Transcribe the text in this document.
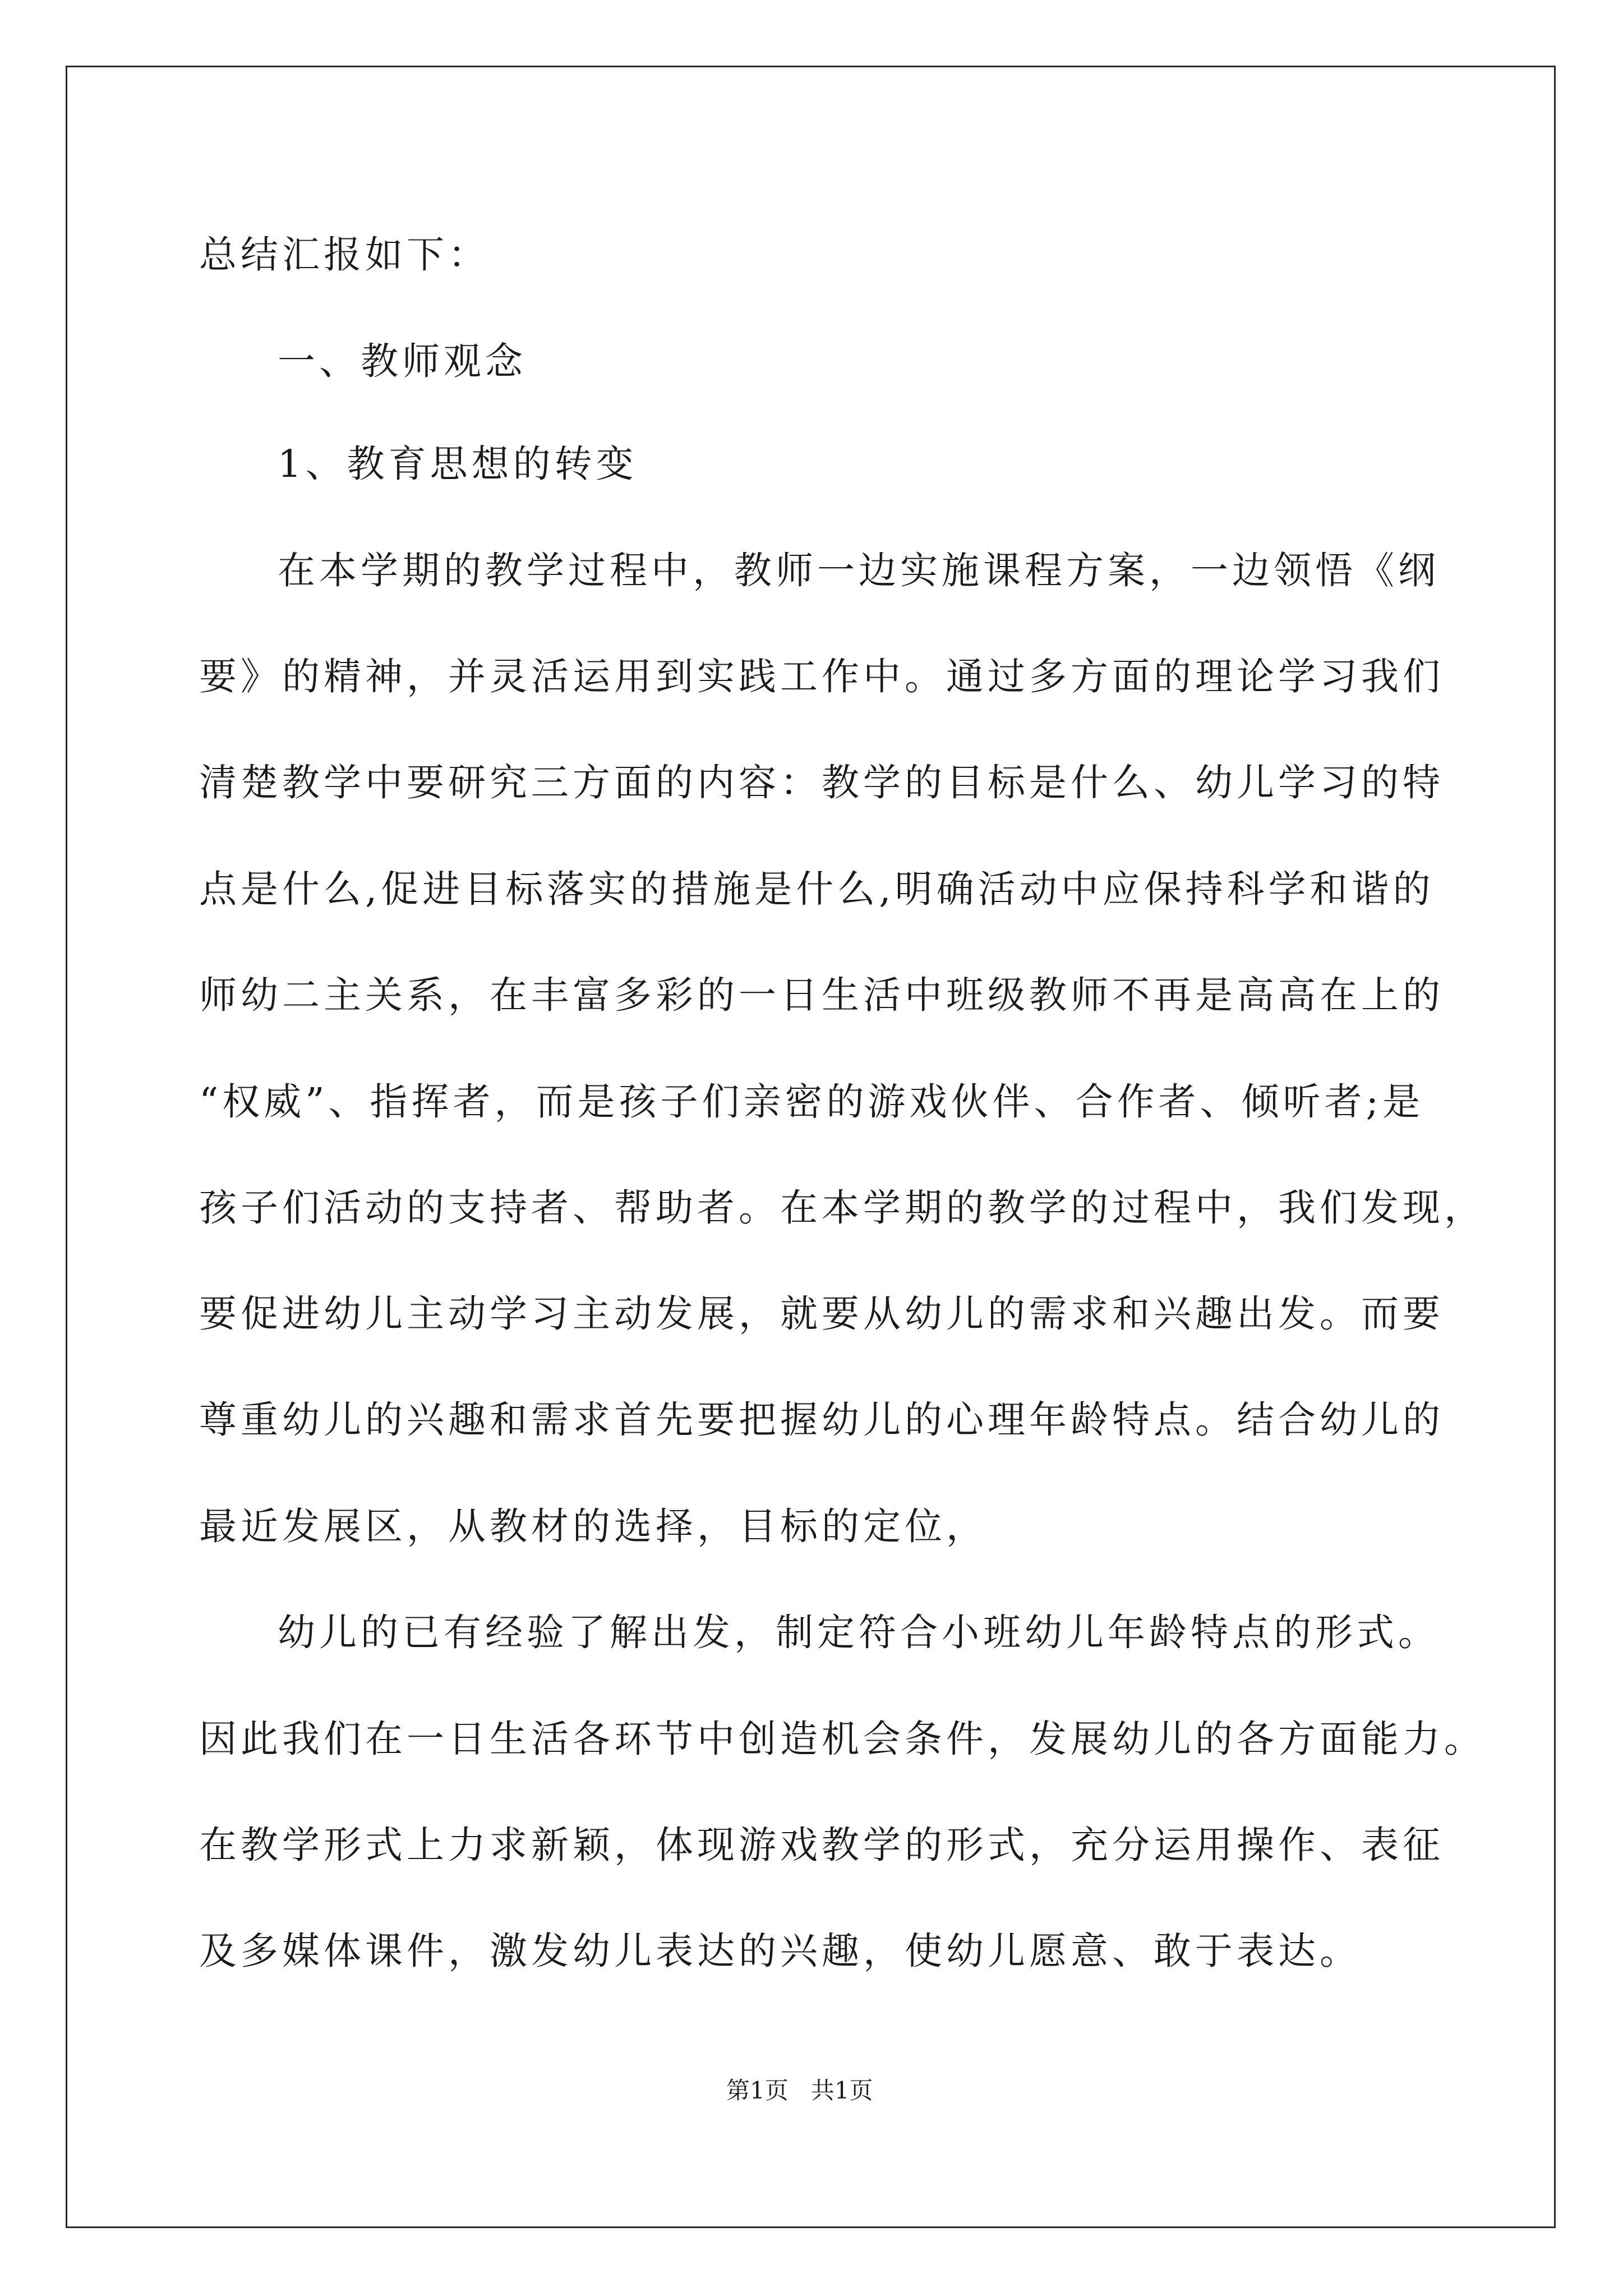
总结汇报如下：
一、教师观念
1、教育思想的转变
在本学期的教学过程中，教师一边实施课程方案，一边领悟《纲
要》的精神，并灵活运用到实践工作中。通过多方面的理论学习我们
清楚教学中要研究三方面的内容：教学的目标是什么、幼儿学习的特
点是什么,促进目标落实的措施是什么,明确活动中应保持科学和谐的
师幼二主关系，在丰富多彩的一日生活中班级教师不再是高高在上的
“权威”、指挥者，而是孩子们亲密的游戏伙伴、合作者、倾听者;是
孩子们活动的支持者、帮助者。在本学期的教学的过程中，我们发现，
要促进幼儿主动学习主动发展，就要从幼儿的需求和兴趣出发。而要
尊重幼儿的兴趣和需求首先要把握幼儿的心理年龄特点。结合幼儿的
最近发展区，从教材的选择，目标的定位，
幼儿的已有经验了解出发，制定符合小班幼儿年龄特点的形式。
因此我们在一日生活各环节中创造机会条件，发展幼儿的各方面能力。
在教学形式上力求新颖，体现游戏教学的形式，充分运用操作、表征
及多媒体课件，激发幼儿表达的兴趣，使幼儿愿意、敢于表达。
第1页   共1页
